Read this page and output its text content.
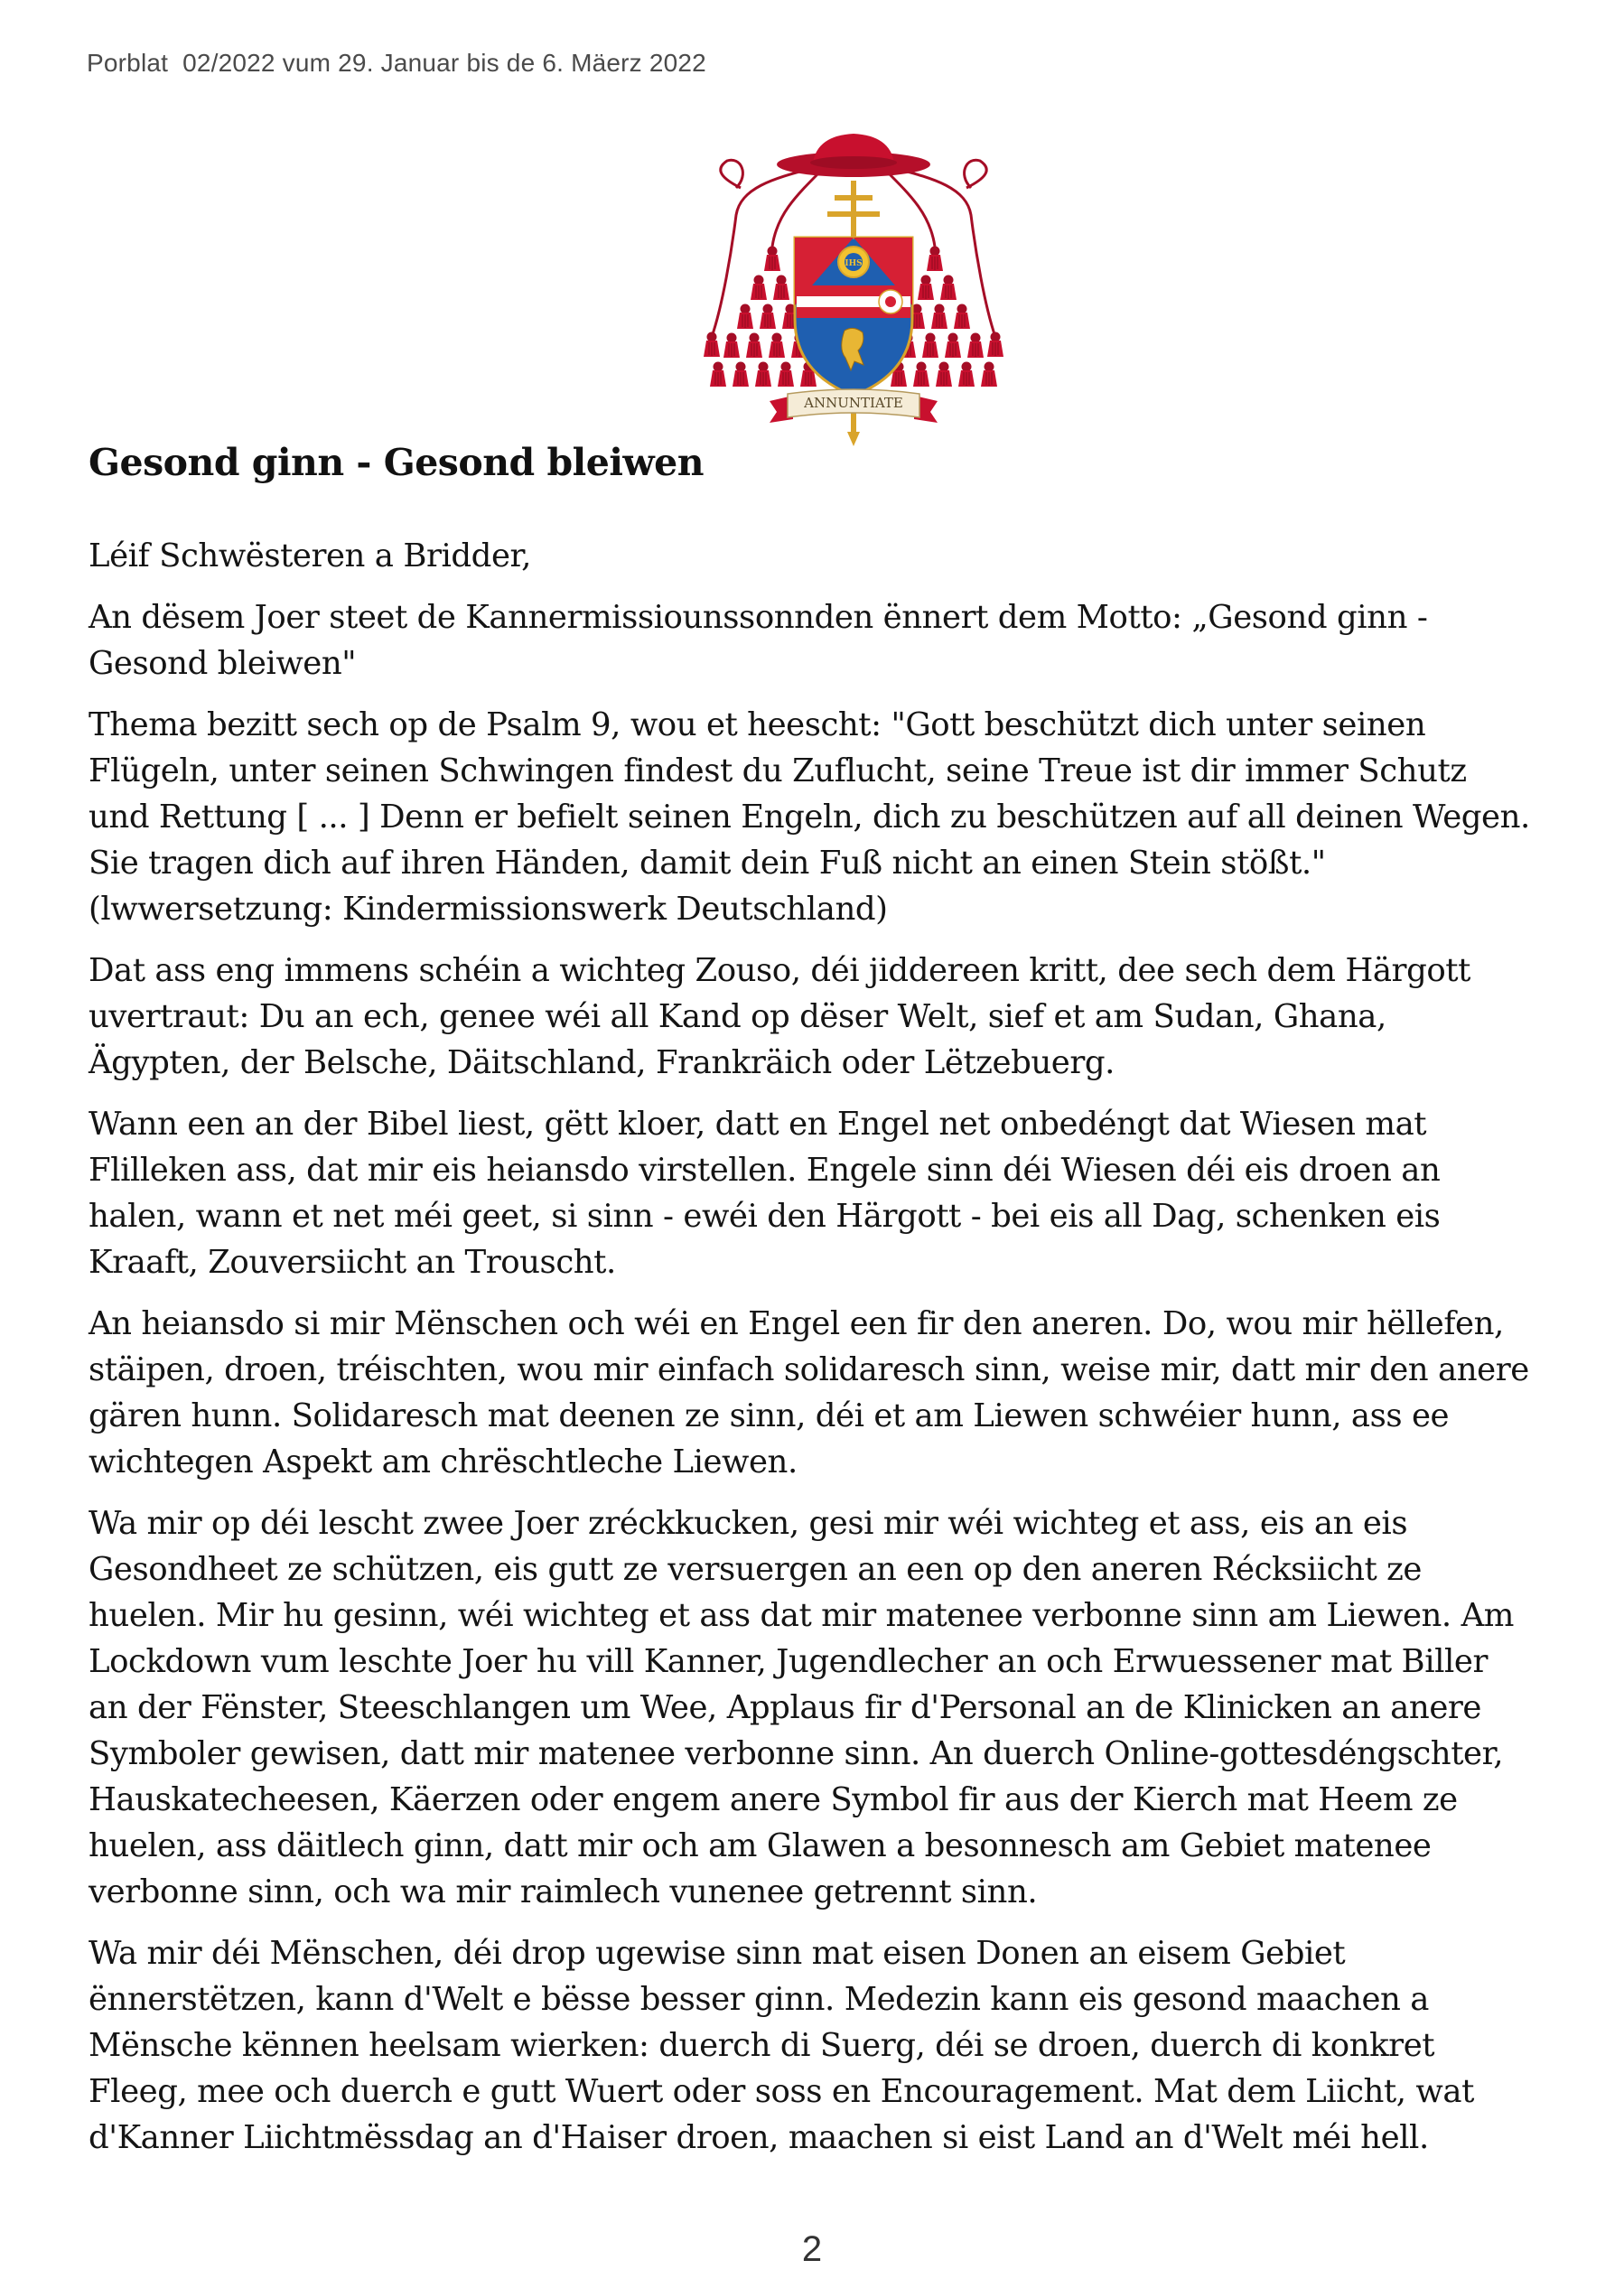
Porblat  02/2022 vum 29. Januar bis de 6. Mäerz 2022
IHS
ANNUNTIATE
Gesond ginn - Gesond bleiwen

Léif Schwësteren a Bridder,

An dësem Joer steet de Kannermissiounssonnden ënnert dem Motto: „Gesond ginn - Gesond bleiwen"

Thema bezitt sech op de Psalm 9, wou et heescht: "Gott beschützt dich unter seinen Flügeln, unter seinen Schwingen findest du Zuflucht, seine Treue ist dir immer Schutz und Rettung [ ... ] Denn er befielt seinen Engeln, dich zu beschützen auf all deinen Wegen. Sie tragen dich auf ihren Händen, damit dein Fuß nicht an einen Stein stößt." (lwwersetzung: Kindermissionswerk Deutschland)

Dat ass eng immens schéin a wichteg Zouso, déi jiddereen kritt, dee sech dem Härgott uvertraut: Du an ech, genee wéi all Kand op dëser Welt, sief et am Sudan, Ghana, Ägypten, der Belsche, Däitschland, Frankräich oder Lëtzebuerg.

Wann een an der Bibel liest, gëtt kloer, datt en Engel net onbedéngt dat Wiesen mat Flilleken ass, dat mir eis heiansdo virstellen. Engele sinn déi Wiesen déi eis droen an halen, wann et net méi geet, si sinn - ewéi den Härgott - bei eis all Dag, schenken eis Kraaft, Zouversiicht an Trouscht.

An heiansdo si mir Mënschen och wéi en Engel een fir den aneren. Do, wou mir hëllefen, stäipen, droen, tréischten, wou mir einfach solidaresch sinn, weise mir, datt mir den anere gären hunn. Solidaresch mat deenen ze sinn, déi et am Liewen schwéier hunn, ass ee wichtegen Aspekt am chrëschtleche Liewen.

Wa mir op déi lescht zwee Joer zréckkucken, gesi mir wéi wichteg et ass, eis an eis Gesondheet ze schützen, eis gutt ze versuergen an een op den aneren Récksiicht ze huelen. Mir hu gesinn, wéi wichteg et ass dat mir matenee verbonne sinn am Liewen. Am Lockdown vum leschte Joer hu vill Kanner, Jugendlecher an och Erwuessener mat Biller an der Fënster, Steeschlangen um Wee, Applaus fir d'Personal an de Klinicken an anere Symboler gewisen, datt mir matenee verbonne sinn. An duerch Online-gottesdéngschter, Hauskatecheesen, Käerzen oder engem anere Symbol fir aus der Kierch mat Heem ze huelen, ass däitlech ginn, datt mir och am Glawen a besonnesch am Gebiet matenee verbonne sinn, och wa mir raimlech vunenee getrennt sinn.

Wa mir déi Mënschen, déi drop ugewise sinn mat eisen Donen an eisem Gebiet ënnerstëtzen, kann d'Welt e bësse besser ginn. Medezin kann eis gesond maachen a Mënsche kënnen heelsam wierken: duerch di Suerg, déi se droen, duerch di konkret Fleeg, mee och duerch e gutt Wuert oder soss en Encouragement. Mat dem Liicht, wat d'Kanner Liichtmëssdag an d'Haiser droen, maachen si eist Land an d'Welt méi hell.

2
